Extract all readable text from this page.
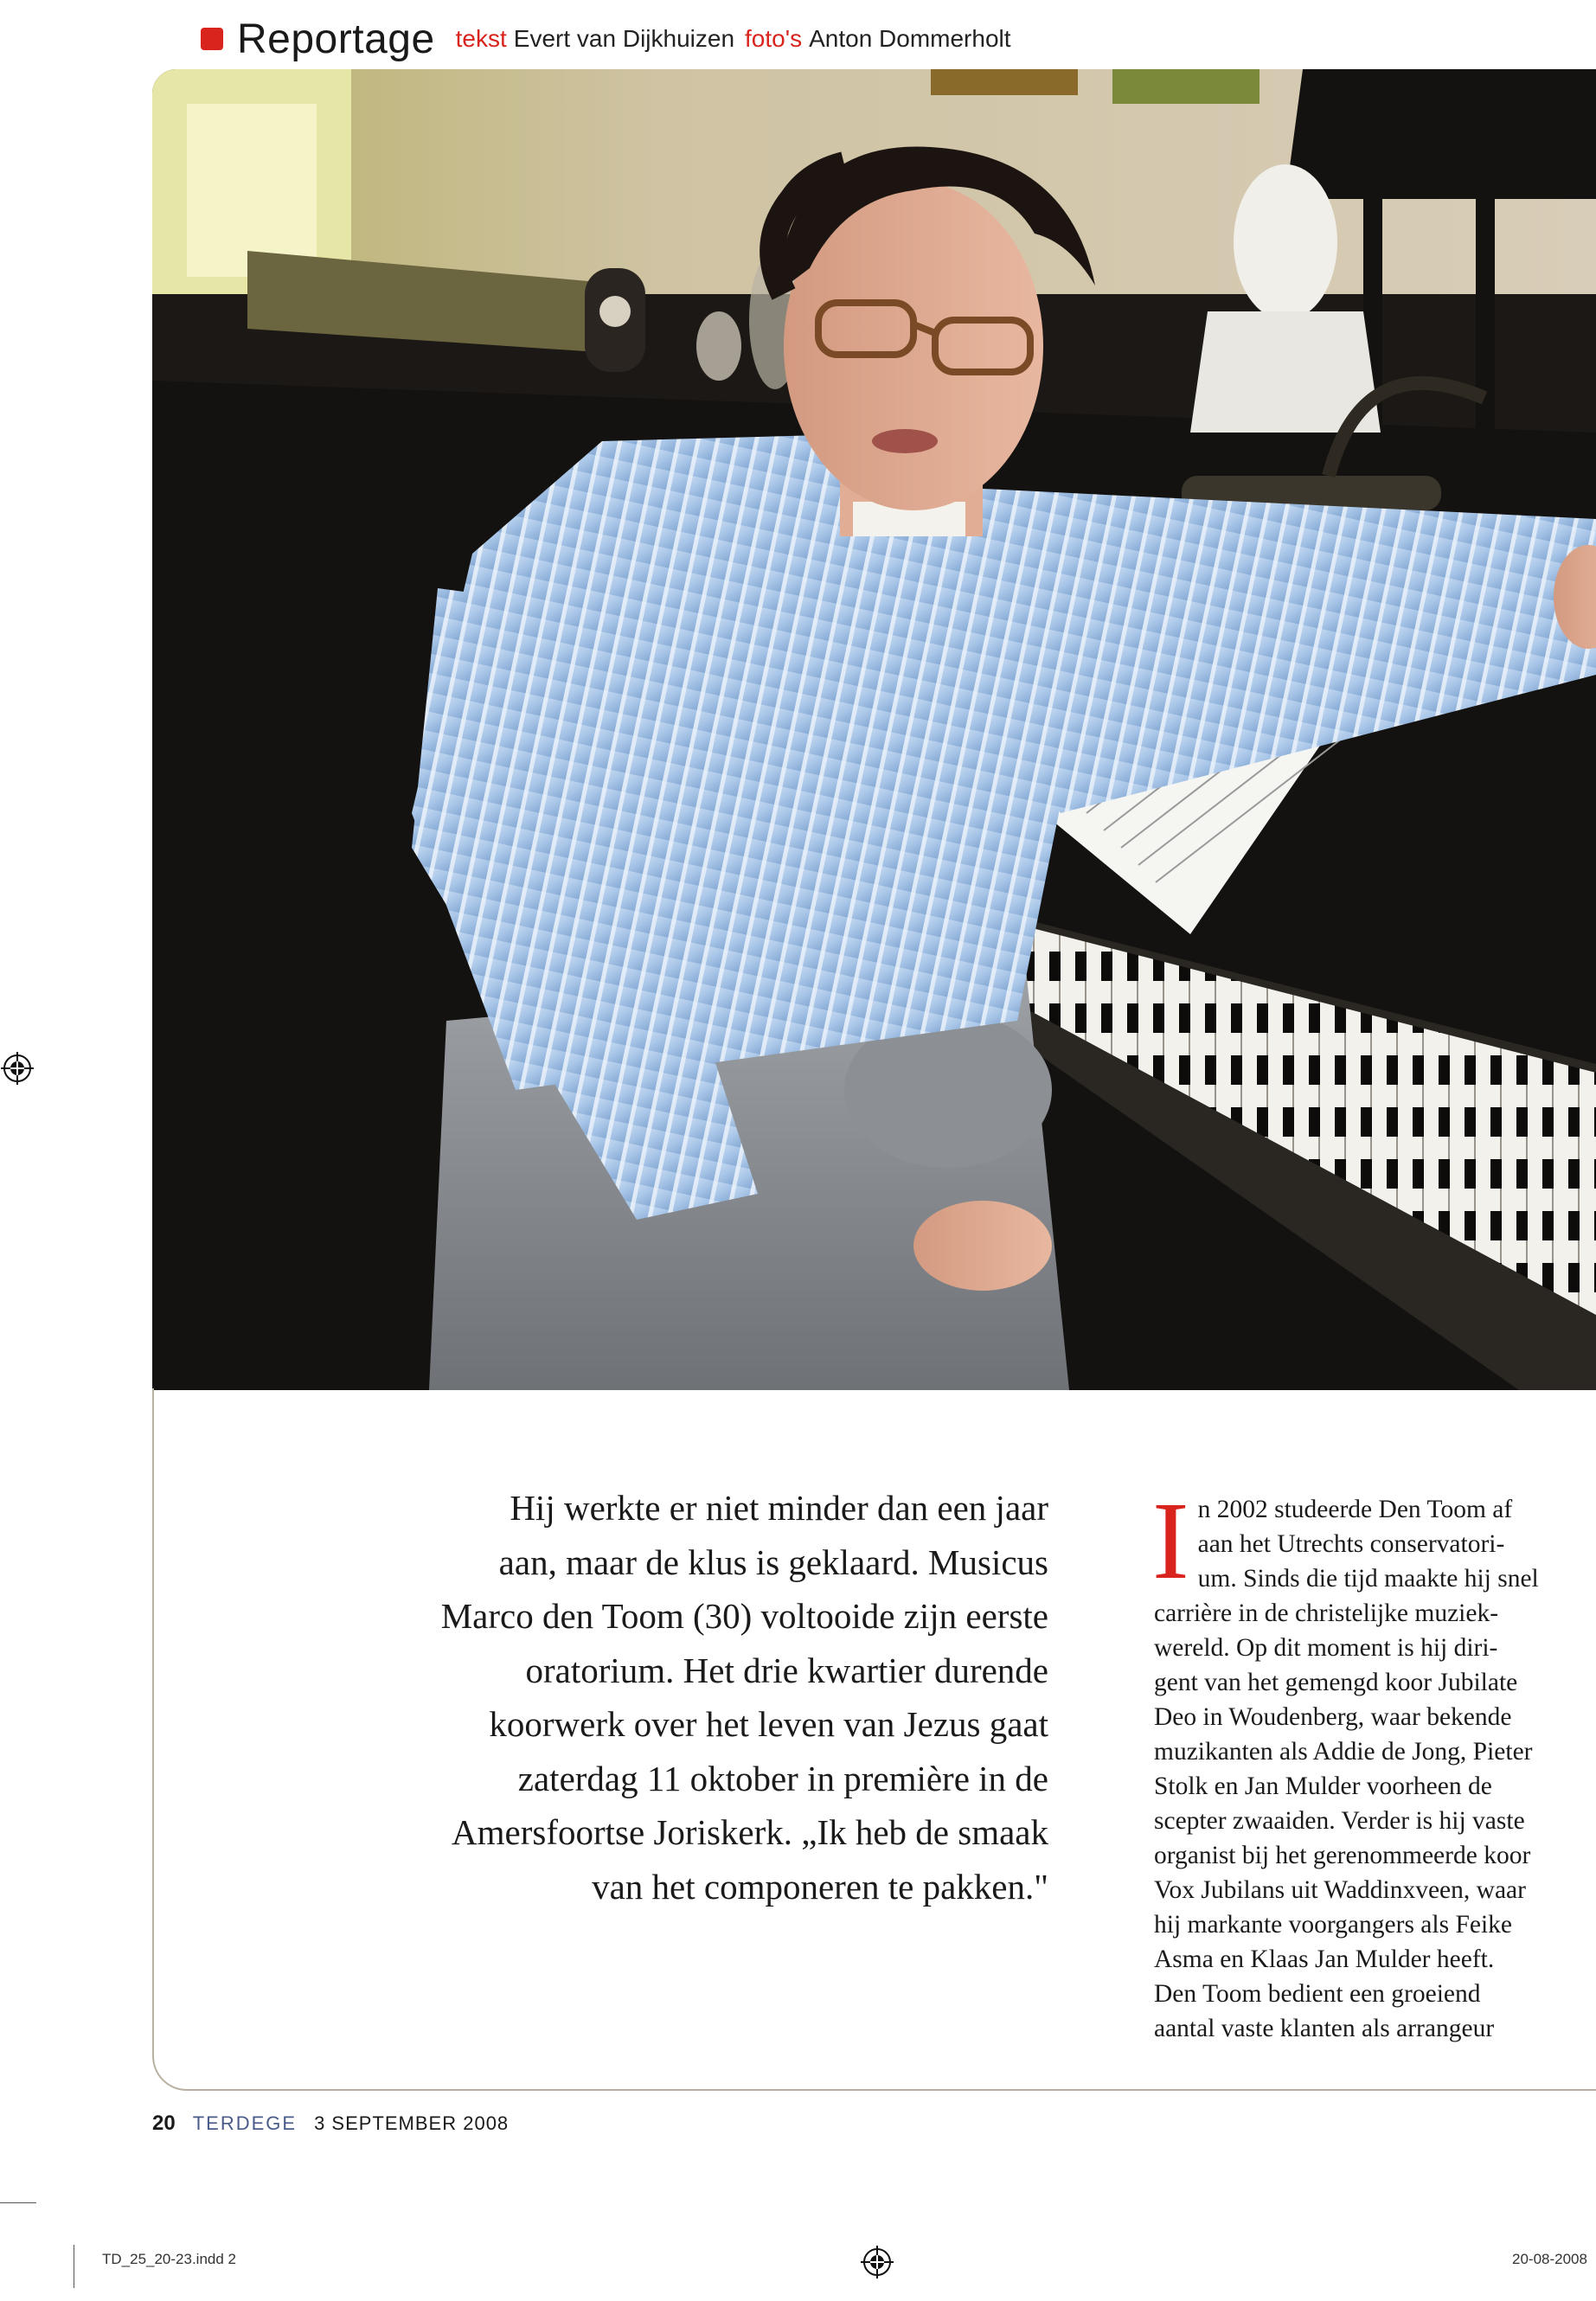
Reportage tekst Evert van Dijkhuizen foto's Anton Dommerholt
Hij werkte er niet minder dan een jaar
aan, maar de klus is geklaard. Musicus
Marco den Toom (30) voltooide zijn eerste
oratorium. Het drie kwartier durende
koorwerk over het leven van Jezus gaat
zaterdag 11 oktober in première in de
Amersfoortse Joriskerk. „Ik heb de smaak
van het componeren te pakken."
I n 2002 studeerde Den Toom af
aan het Utrechts conservatori-
um. Sinds die tijd maakte hij snel
carrière in de christelijke muziek-
wereld. Op dit moment is hij diri-
gent van het gemengd koor Jubilate
Deo in Woudenberg, waar bekende
muzikanten als Addie de Jong, Pieter
Stolk en Jan Mulder voorheen de
scepter zwaaiden. Verder is hij vaste
organist bij het gerenommeerde koor
Vox Jubilans uit Waddinxveen, waar
hij markante voorgangers als Feike
Asma en Klaas Jan Mulder heeft.
Den Toom bedient een groeiend
aantal vaste klanten als arrangeur
20 TERDEGE 3 SEPTEMBER 2008
TD_25_20-23.indd 2	20-08-2008
